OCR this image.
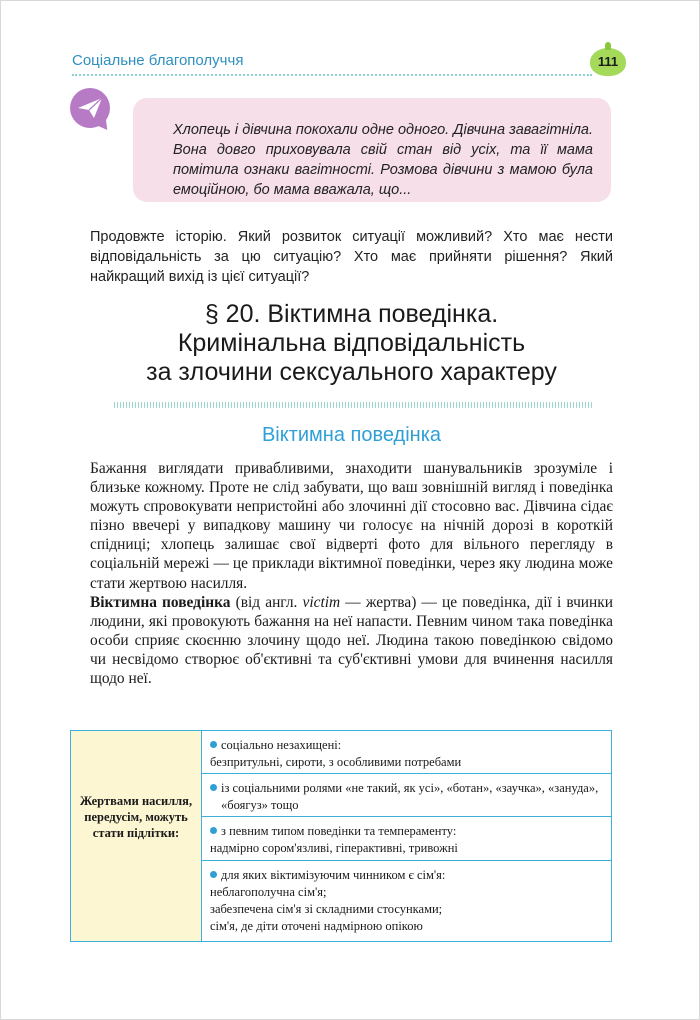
Соціальне благополуччя	111

Хлопець і дівчина покохали одне одного. Дівчина завагітніла. Вона довго приховувала свій стан від усіх, та її мама помітила ознаки вагітності. Розмова дівчини з мамою була емоційною, бо мама вважала, що...

Продовжте історію. Який розвиток ситуації можливий? Хто має нести відповідальність за цю ситуацію? Хто має прийняти рішення? Який найкращий вихід із цієї ситуації?

§ 20. Віктимна поведінка.
Кримінальна відповідальність
за злочини сексуального характеру
Віктимна поведінка

Бажання виглядати привабливими, знаходити шанувальників зрозуміле і близьке кожному. Проте не слід забувати, що ваш зовнішній вигляд і поведінка можуть спровокувати непристойні або злочинні дії стосовно вас. Дівчина сідає пізно ввечері у випадкову машину чи голосує на нічній дорозі в короткій спідниці; хлопець залишає свої відверті фото для вільного перегляду в соціальній мережі — це приклади віктимної поведінки, через яку людина може стати жертвою насилля.

Віктимна поведінка (від англ. victim — жертва) — це поведінка, дії і вчинки людини, які провокують бажання на неї напасти. Певним чином така поведінка особи сприяє скоєнню злочину щодо неї. Людина такою поведінкою свідомо чи несвідомо створює об'єктивні та суб'єктивні умови для вчинення насилля щодо неї.

Жертвами насилля, передусім, можуть стати підлітки:
соціально незахищені:
безпритульні, сироти, з особливими потребами
із соціальними ролями «не такий, як усі», «ботан», «заучка», «зануда», «боягуз» тощо
з певним типом поведінки та темпераменту:
надмірно сором'язливі, гіперактивні, тривожні
для яких віктимізуючим чинником є сім'я:
неблагополучна сім'я;
забезпечена сім'я зі складними стосунками;
сім'я, де діти оточені надмірною опікою
